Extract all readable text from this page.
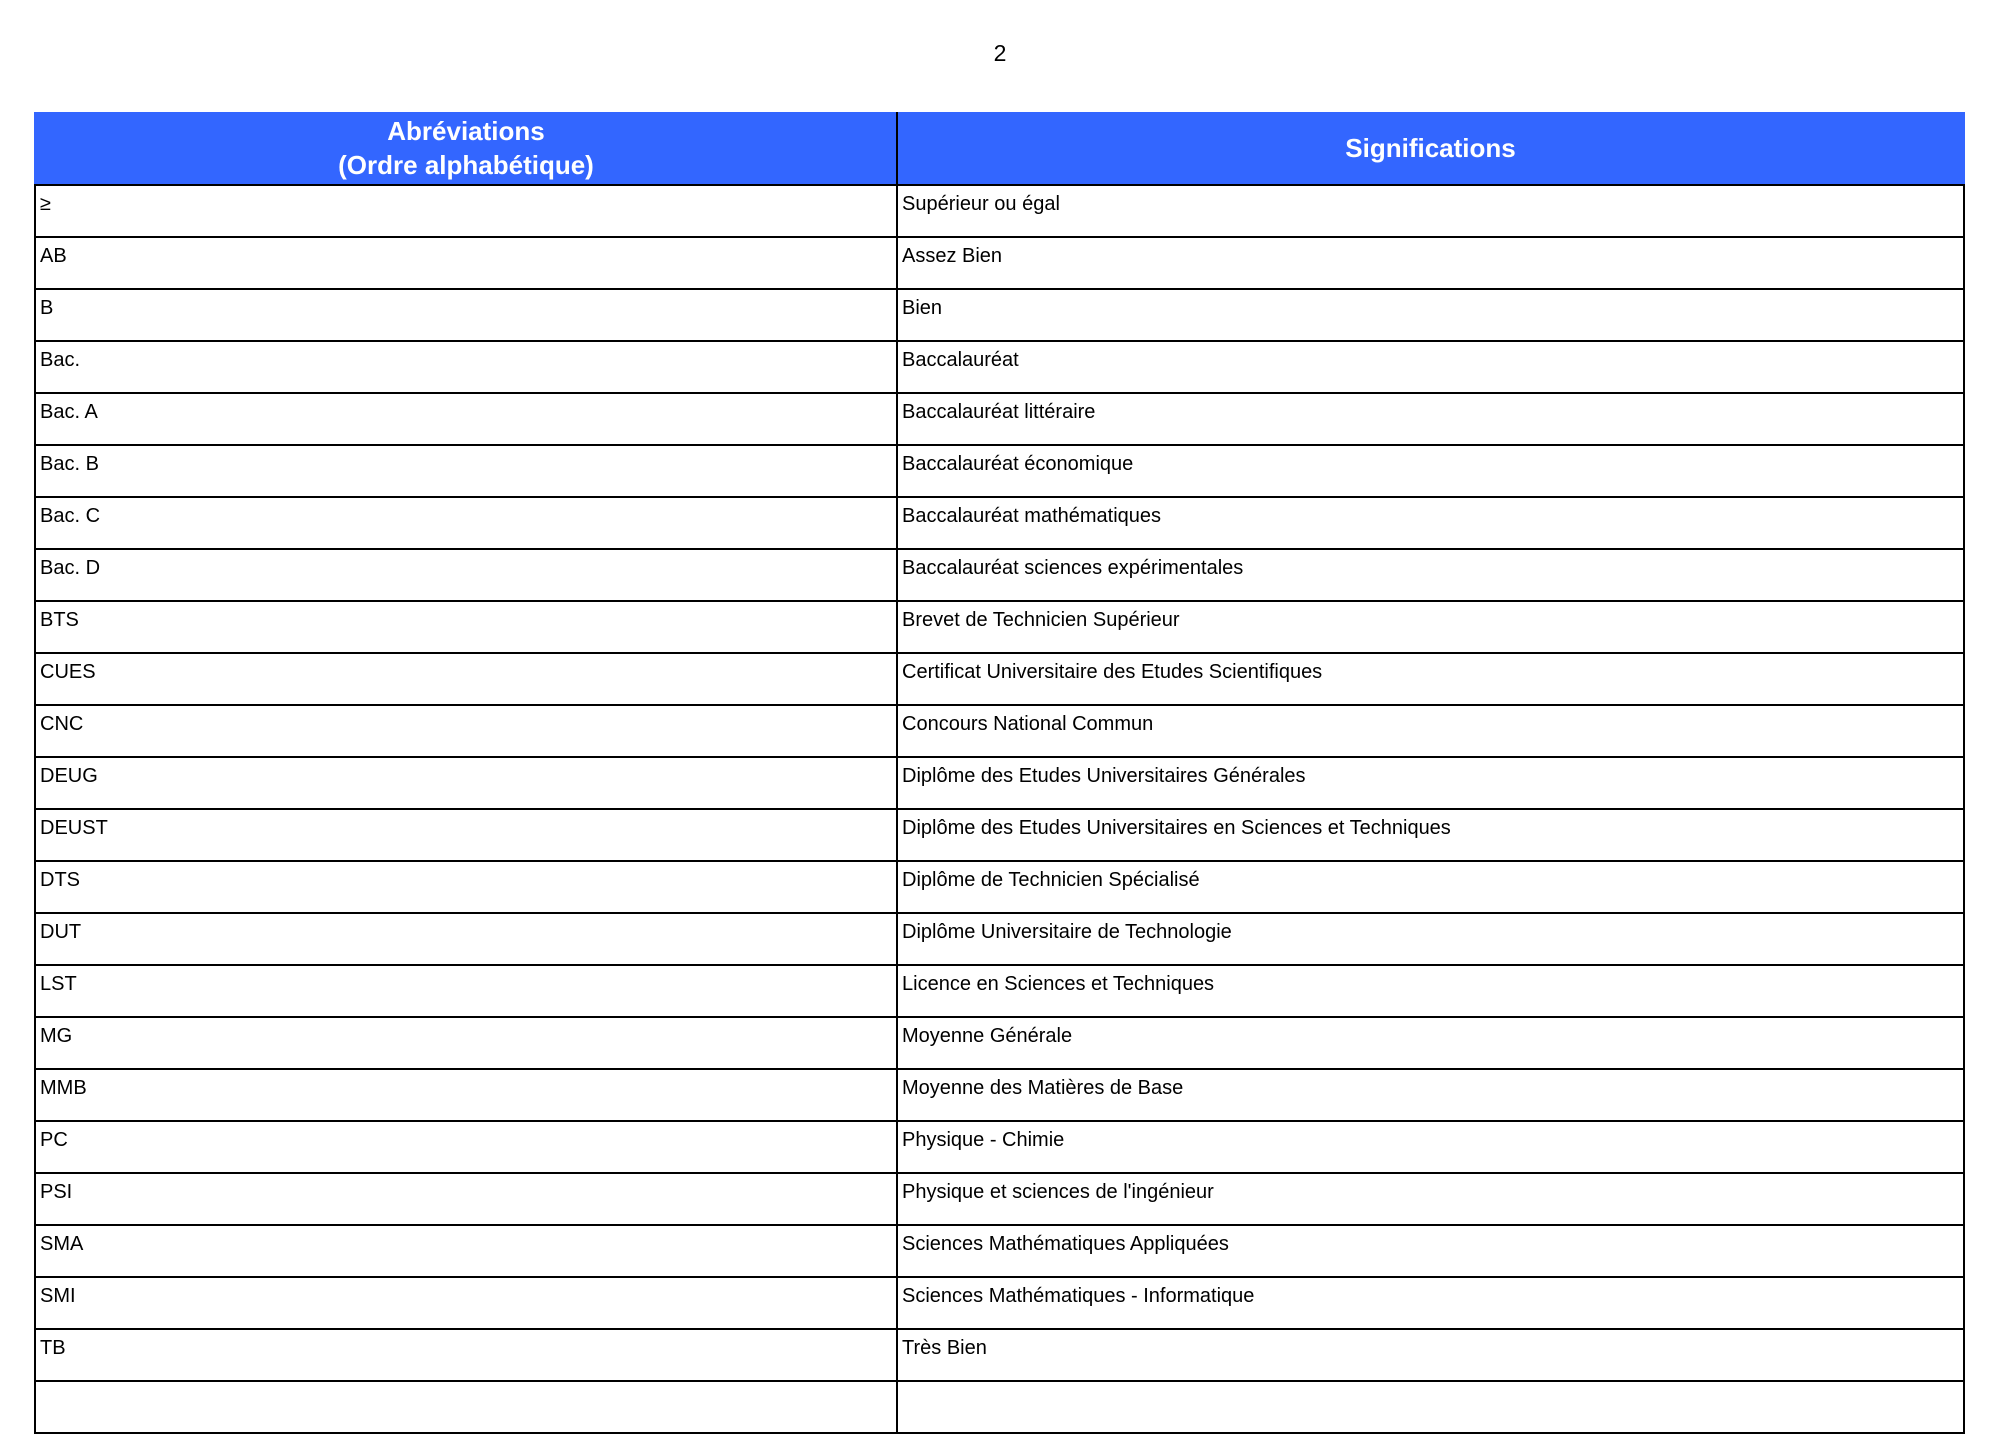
2
Abréviations
(Ordre alphabétique)	Significations
≥	Supérieur ou égal
AB	Assez Bien
B	Bien
Bac.	Baccalauréat
Bac. A	Baccalauréat littéraire
Bac. B	Baccalauréat économique
Bac. C	Baccalauréat mathématiques
Bac. D	Baccalauréat sciences expérimentales
BTS	Brevet de Technicien Supérieur
CUES	Certificat Universitaire des Etudes Scientifiques
CNC	Concours National Commun
DEUG	Diplôme des Etudes Universitaires Générales
DEUST	Diplôme des Etudes Universitaires en Sciences et Techniques
DTS	Diplôme de Technicien Spécialisé
DUT	Diplôme Universitaire de Technologie
LST	Licence en Sciences et Techniques
MG	Moyenne Générale
MMB	Moyenne des Matières de Base
PC	Physique - Chimie
PSI	Physique et sciences de l'ingénieur
SMA	Sciences Mathématiques Appliquées
SMI	Sciences Mathématiques - Informatique
TB	Très Bien
